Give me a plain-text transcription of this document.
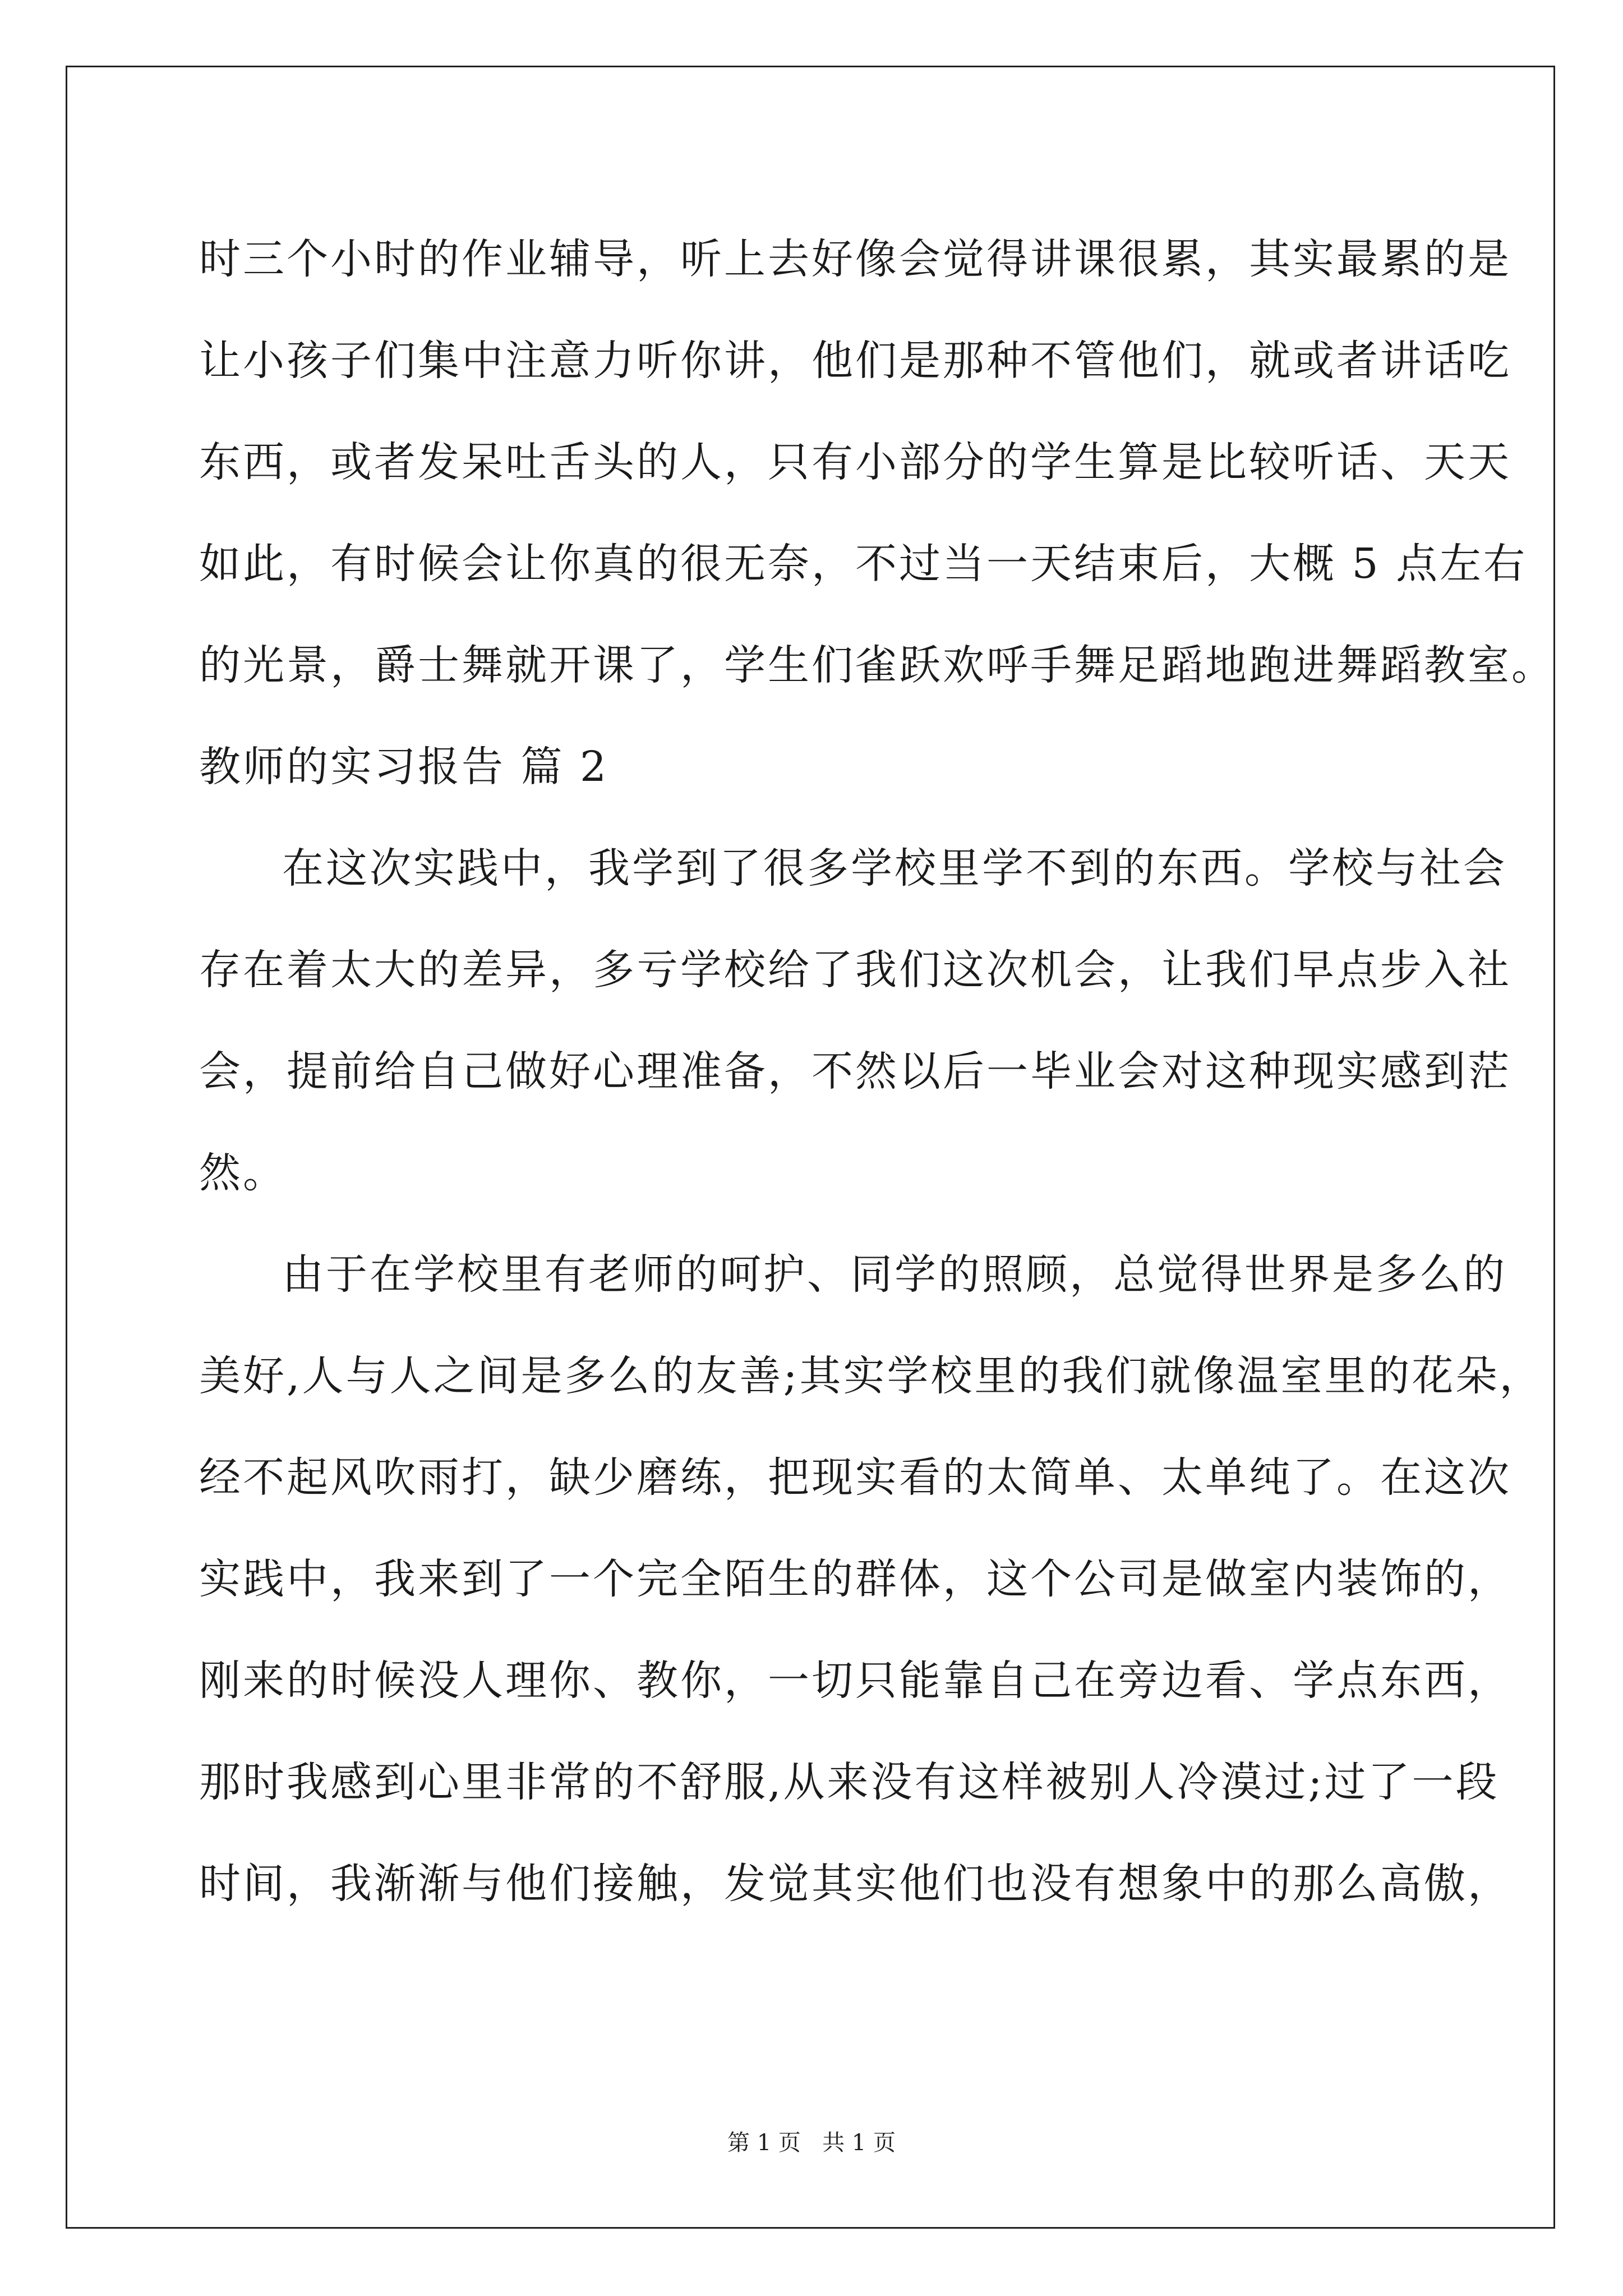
时三个小时的作业辅导，听上去好像会觉得讲课很累，其实最累的是
让小孩子们集中注意力听你讲，他们是那种不管他们，就或者讲话吃
东西，或者发呆吐舌头的人，只有小部分的学生算是比较听话、天天
如此，有时候会让你真的很无奈，不过当一天结束后，大概 5 点左右
的光景，爵士舞就开课了，学生们雀跃欢呼手舞足蹈地跑进舞蹈教室。
教师的实习报告 篇 2
在这次实践中，我学到了很多学校里学不到的东西。学校与社会
存在着太大的差异，多亏学校给了我们这次机会，让我们早点步入社
会，提前给自己做好心理准备，不然以后一毕业会对这种现实感到茫
然。
由于在学校里有老师的呵护、同学的照顾，总觉得世界是多么的
美好,人与人之间是多么的友善;其实学校里的我们就像温室里的花朵，
经不起风吹雨打，缺少磨练，把现实看的太简单、太单纯了。在这次
实践中，我来到了一个完全陌生的群体，这个公司是做室内装饰的，
刚来的时候没人理你、教你，一切只能靠自己在旁边看、学点东西，
那时我感到心里非常的不舒服,从来没有这样被别人冷漠过;过了一段
时间，我渐渐与他们接触，发觉其实他们也没有想象中的那么高傲，
第 1 页   共 1 页
